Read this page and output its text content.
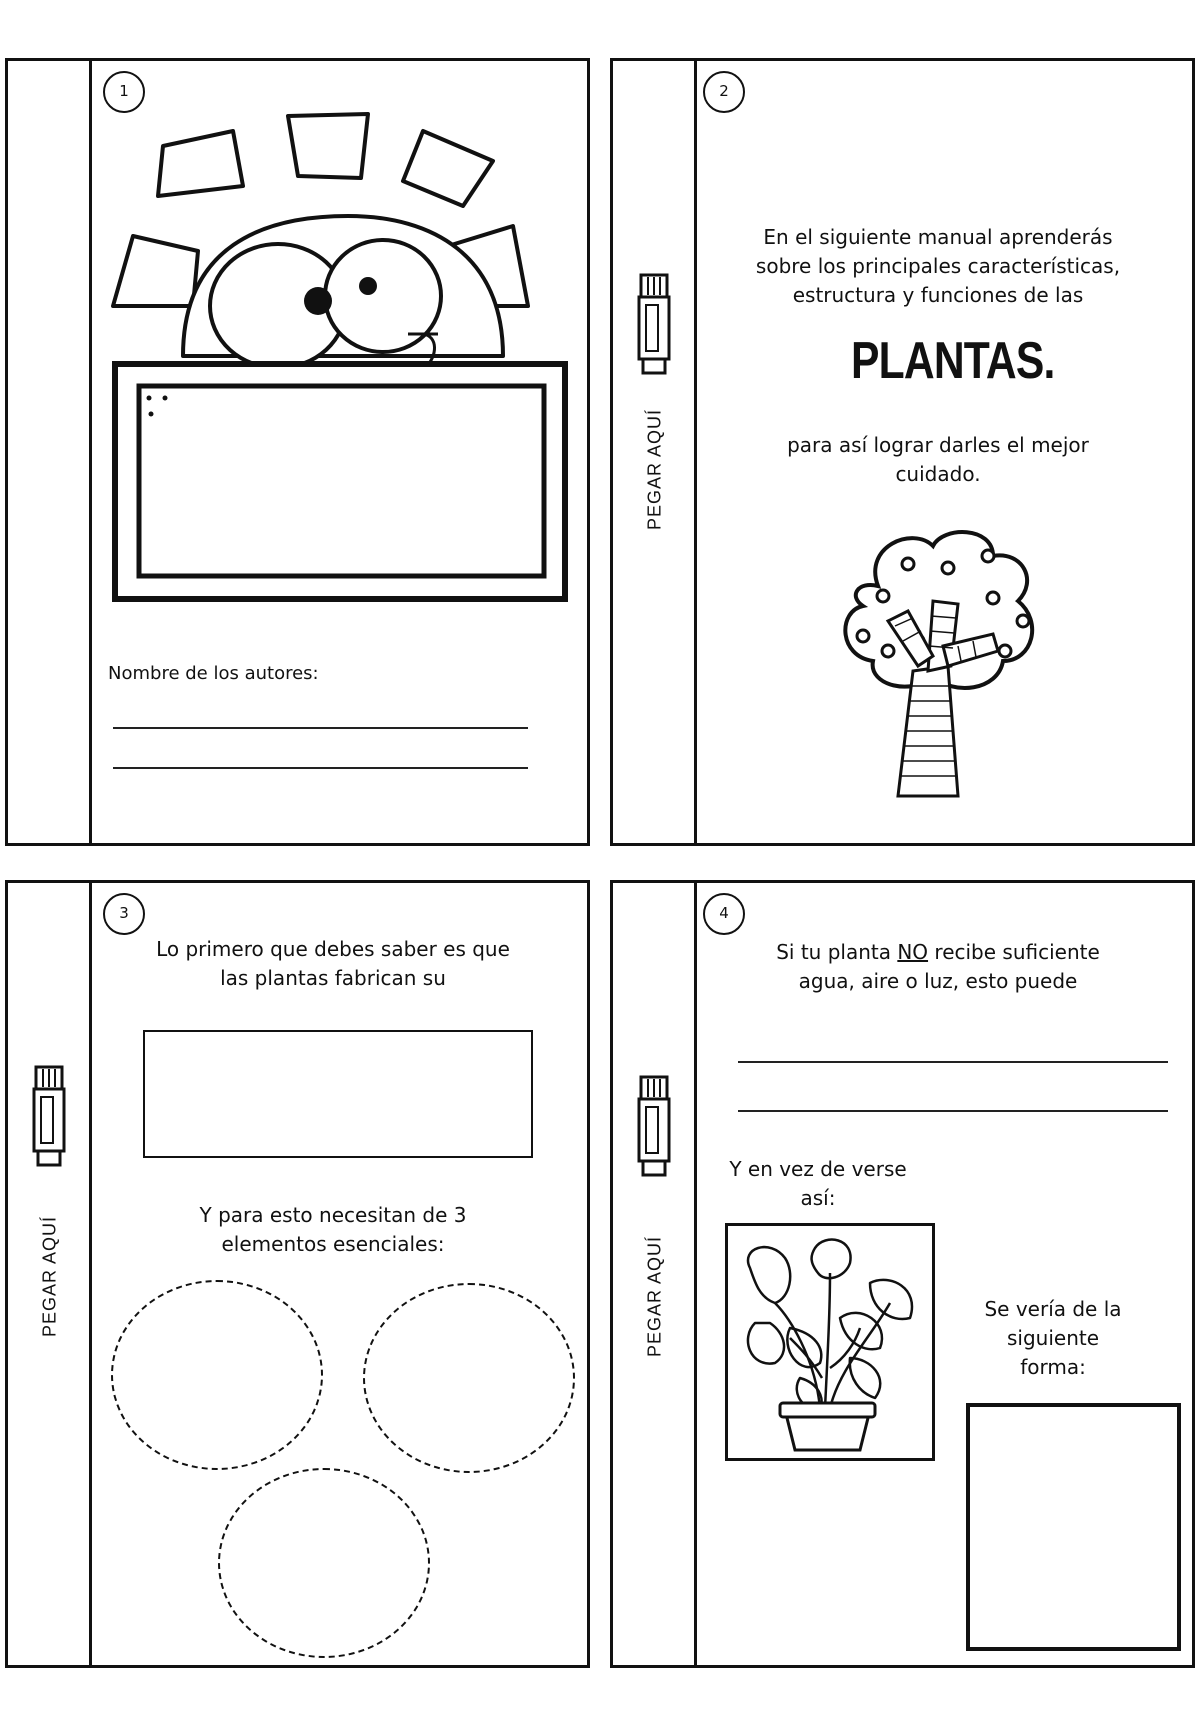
1
Nombre de los autores:
PEGAR AQUÍ
2
En el siguiente manual aprenderás
sobre los principales características,
estructura y funciones de las
PLANTAS.
para así lograr darles el mejor
cuidado.
PEGAR AQUÍ
3
Lo primero que debes saber es que
las plantas fabrican su
Y para esto necesitan de 3
elementos esenciales:	PEGAR AQUÍ
4
Si tu planta NO recibe suficiente
agua, aire o luz, esto puede
Y en vez de verse
así:
Se vería de la
siguiente
forma:
